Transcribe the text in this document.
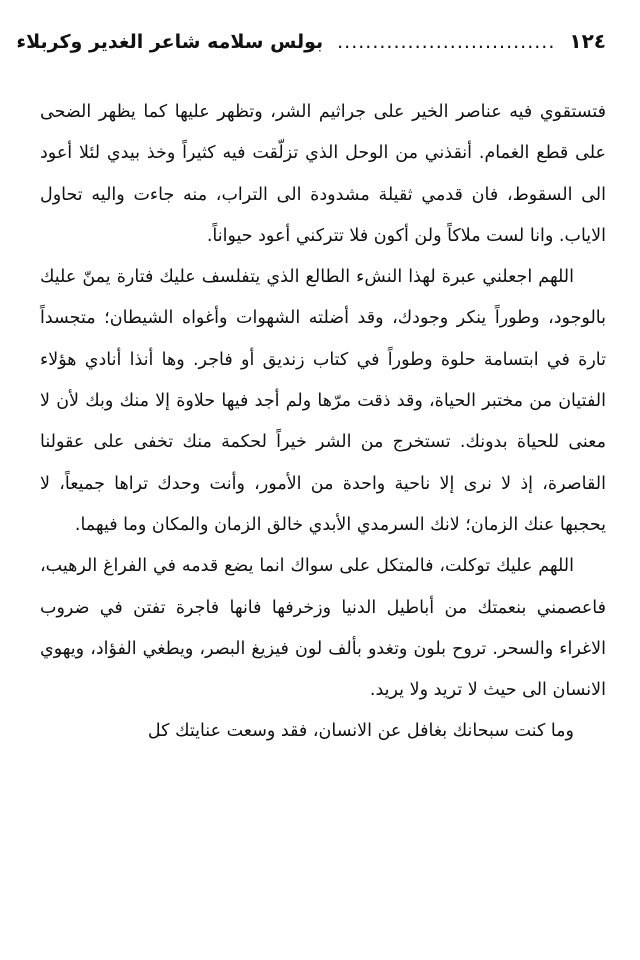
١٢٤
...............................
بولس سلامه شاعر الغدير وكربلاء

فتستقوي فيه عناصر الخير على جراثيم الشر، وتظهر عليها كما يظهر الضحى على قطع الغمام. أنقذني من الوحل الذي تزلّقت فيه كثيراً وخذ بيدي لئلا أعود الى السقوط، فان قدمي ثقيلة مشدودة الى التراب، منه جاءت واليه تحاول الاياب. وانا لست ملاكاً ولن أكون فلا تتركني أعود حيواناً.

اللهم اجعلني عبرة لهذا النشء الطالع الذي يتفلسف عليك فتارة يمنّ عليك بالوجود، وطوراً ينكر وجودك، وقد أضلته الشهوات وأغواه الشيطان؛ متجسداً تارة في ابتسامة حلوة وطوراً في كتاب زنديق أو فاجر. وها أنذا أنادي هؤلاء الفتيان من مختبر الحياة، وقد ذقت مرّها ولم أجد فيها حلاوة إلا منك وبك لأن لا معنى للحياة بدونك. تستخرج من الشر خيراً لحكمة منك تخفى على عقولنا القاصرة، إذ لا نرى إلا ناحية واحدة من الأمور، وأنت وحدك تراها جميعاً، لا يحجبها عنك الزمان؛ لانك السرمدي الأبدي خالق الزمان والمكان وما فيهما.

اللهم عليك توكلت، فالمتكل على سواك انما يضع قدمه في الفراغ الرهيب، فاعصمني بنعمتك من أباطيل الدنيا وزخرفها فانها فاجرة تفتن في ضروب الاغراء والسحر. تروح بلون وتغدو بألف لون فيزيغ البصر، ويطغي الفؤاد، ويهوي الانسان الى حيث لا تريد ولا يريد.

وما كنت سبحانك بغافل عن الانسان، فقد وسعت عنايتك كل
